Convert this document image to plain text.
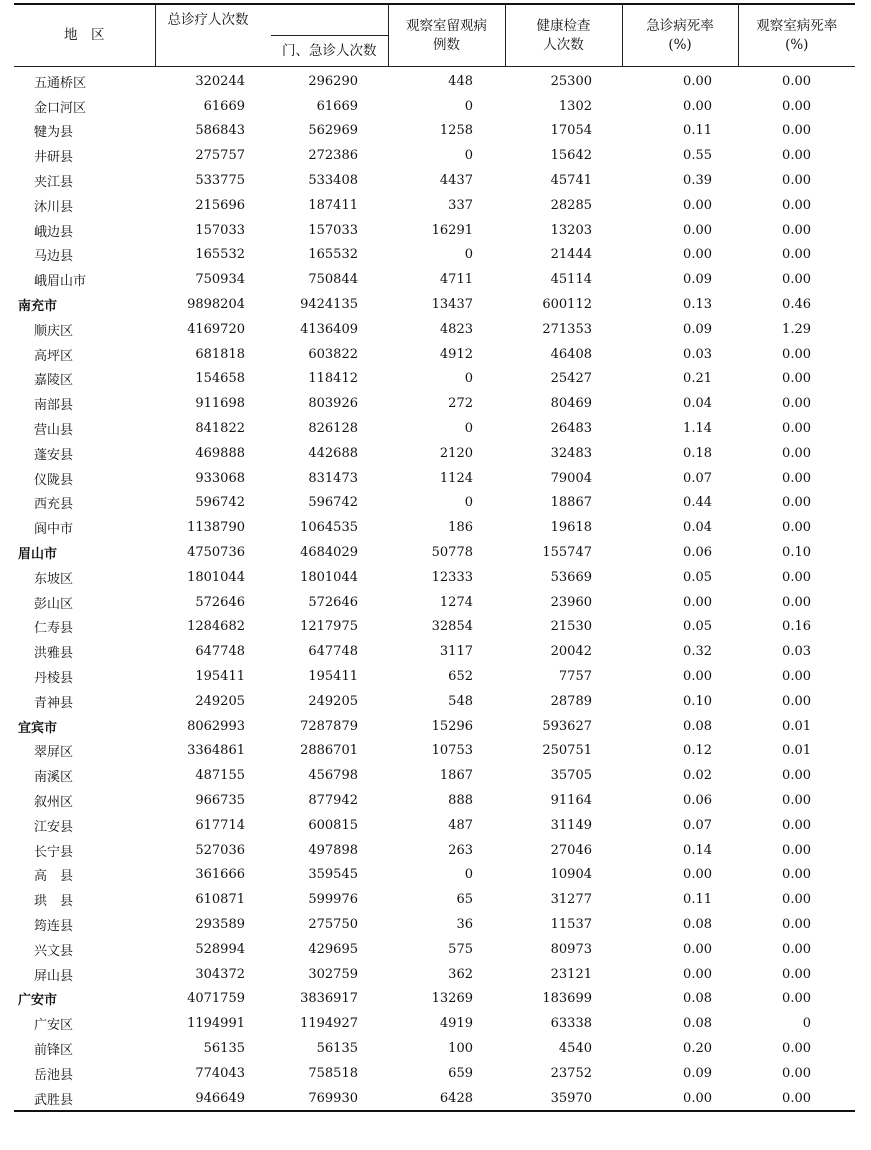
地　区	总诊疗人次数		观察室留观病例数	健康检查人次数	急诊病死率(%)	观察室病死率(%)
		门、急诊人次数				
五通桥区	320244	296290	448	25300	0.00	0.00
金口河区	61669	61669	0	1302	0.00	0.00
犍为县	586843	562969	1258	17054	0.11	0.00
井研县	275757	272386	0	15642	0.55	0.00
夹江县	533775	533408	4437	45741	0.39	0.00
沐川县	215696	187411	337	28285	0.00	0.00
峨边县	157033	157033	16291	13203	0.00	0.00
马边县	165532	165532	0	21444	0.00	0.00
峨眉山市	750934	750844	4711	45114	0.09	0.00
南充市	9898204	9424135	13437	600112	0.13	0.46
顺庆区	4169720	4136409	4823	271353	0.09	1.29
高坪区	681818	603822	4912	46408	0.03	0.00
嘉陵区	154658	118412	0	25427	0.21	0.00
南部县	911698	803926	272	80469	0.04	0.00
营山县	841822	826128	0	26483	1.14	0.00
蓬安县	469888	442688	2120	32483	0.18	0.00
仪陇县	933068	831473	1124	79004	0.07	0.00
西充县	596742	596742	0	18867	0.44	0.00
阆中市	1138790	1064535	186	19618	0.04	0.00
眉山市	4750736	4684029	50778	155747	0.06	0.10
东坡区	1801044	1801044	12333	53669	0.05	0.00
彭山区	572646	572646	1274	23960	0.00	0.00
仁寿县	1284682	1217975	32854	21530	0.05	0.16
洪雅县	647748	647748	3117	20042	0.32	0.03
丹棱县	195411	195411	652	7757	0.00	0.00
青神县	249205	249205	548	28789	0.10	0.00
宜宾市	8062993	7287879	15296	593627	0.08	0.01
翠屏区	3364861	2886701	10753	250751	0.12	0.01
南溪区	487155	456798	1867	35705	0.02	0.00
叙州区	966735	877942	888	91164	0.06	0.00
江安县	617714	600815	487	31149	0.07	0.00
长宁县	527036	497898	263	27046	0.14	0.00
高　县	361666	359545	0	10904	0.00	0.00
珙　县	610871	599976	65	31277	0.11	0.00
筠连县	293589	275750	36	11537	0.08	0.00
兴文县	528994	429695	575	80973	0.00	0.00
屏山县	304372	302759	362	23121	0.00	0.00
广安市	4071759	3836917	13269	183699	0.08	0.00
广安区	1194991	1194927	4919	63338	0.08	0
前锋区	56135	56135	100	4540	0.20	0.00
岳池县	774043	758518	659	23752	0.09	0.00
武胜县	946649	769930	6428	35970	0.00	0.00
